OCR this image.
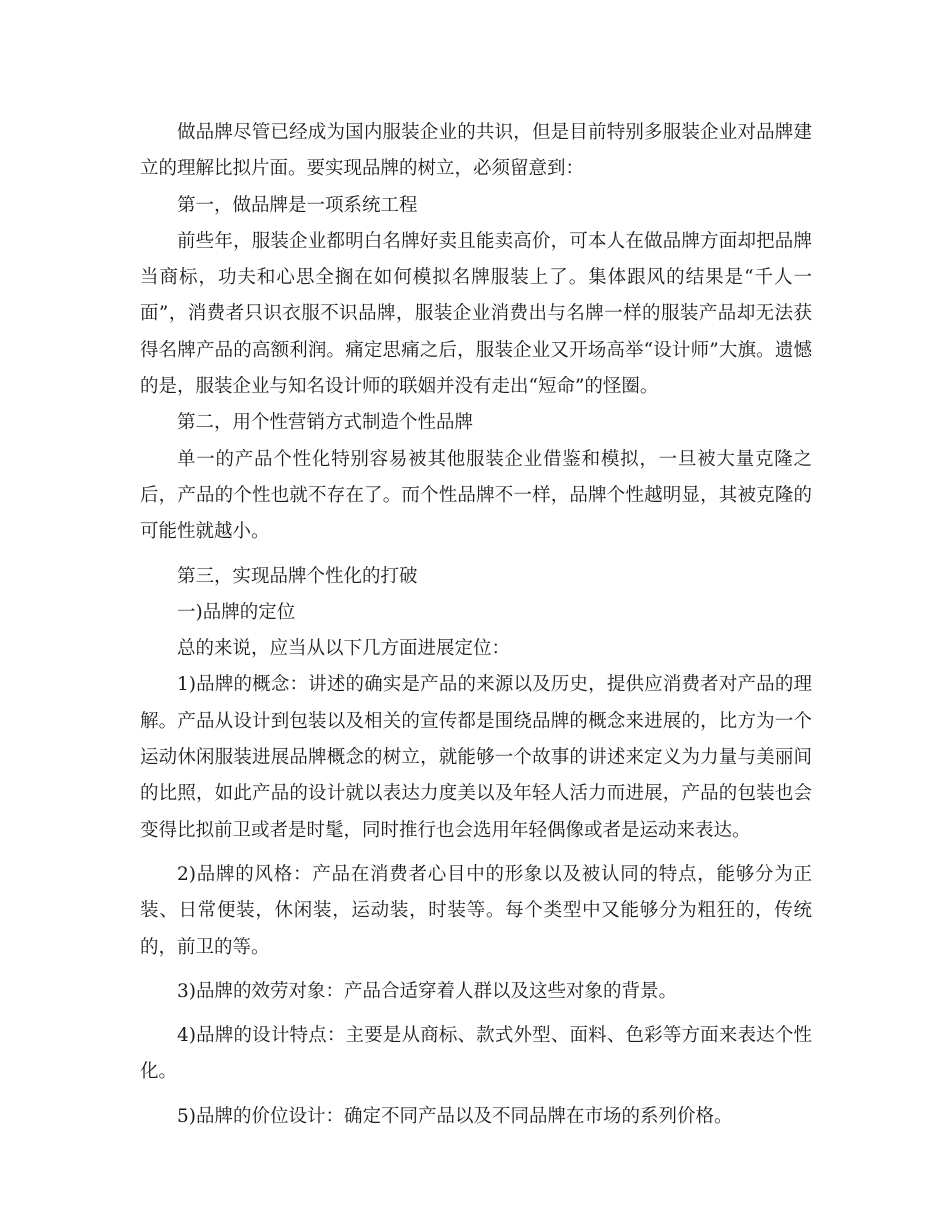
做品牌尽管已经成为国内服装企业的共识，但是目前特别多服装企业对品牌建立的理解比拟片面。要实现品牌的树立，必须留意到：

第一，做品牌是一项系统工程

前些年，服装企业都明白名牌好卖且能卖高价，可本人在做品牌方面却把品牌当商标，功夫和心思全搁在如何模拟名牌服装上了。集体跟风的结果是“千人一面”，消费者只识衣服不识品牌，服装企业消费出与名牌一样的服装产品却无法获得名牌产品的高额利润。痛定思痛之后，服装企业又开场高举“设计师”大旗。遗憾的是，服装企业与知名设计师的联姻并没有走出“短命”的怪圈。

第二，用个性营销方式制造个性品牌

单一的产品个性化特别容易被其他服装企业借鉴和模拟，一旦被大量克隆之后，产品的个性也就不存在了。而个性品牌不一样，品牌个性越明显，其被克隆的可能性就越小。

第三，实现品牌个性化的打破

一)品牌的定位

总的来说，应当从以下几方面进展定位：

1)品牌的概念：讲述的确实是产品的来源以及历史，提供应消费者对产品的理解。产品从设计到包装以及相关的宣传都是围绕品牌的概念来进展的，比方为一个运动休闲服装进展品牌概念的树立，就能够一个故事的讲述来定义为力量与美丽间的比照，如此产品的设计就以表达力度美以及年轻人活力而进展，产品的包装也会变得比拟前卫或者是时髦，同时推行也会选用年轻偶像或者是运动来表达。

2)品牌的风格：产品在消费者心目中的形象以及被认同的特点，能够分为正装、日常便装，休闲装，运动装，时装等。每个类型中又能够分为粗狂的，传统的，前卫的等。

3)品牌的效劳对象：产品合适穿着人群以及这些对象的背景。

4)品牌的设计特点：主要是从商标、款式外型、面料、色彩等方面来表达个性化。

5)品牌的价位设计：确定不同产品以及不同品牌在市场的系列价格。
